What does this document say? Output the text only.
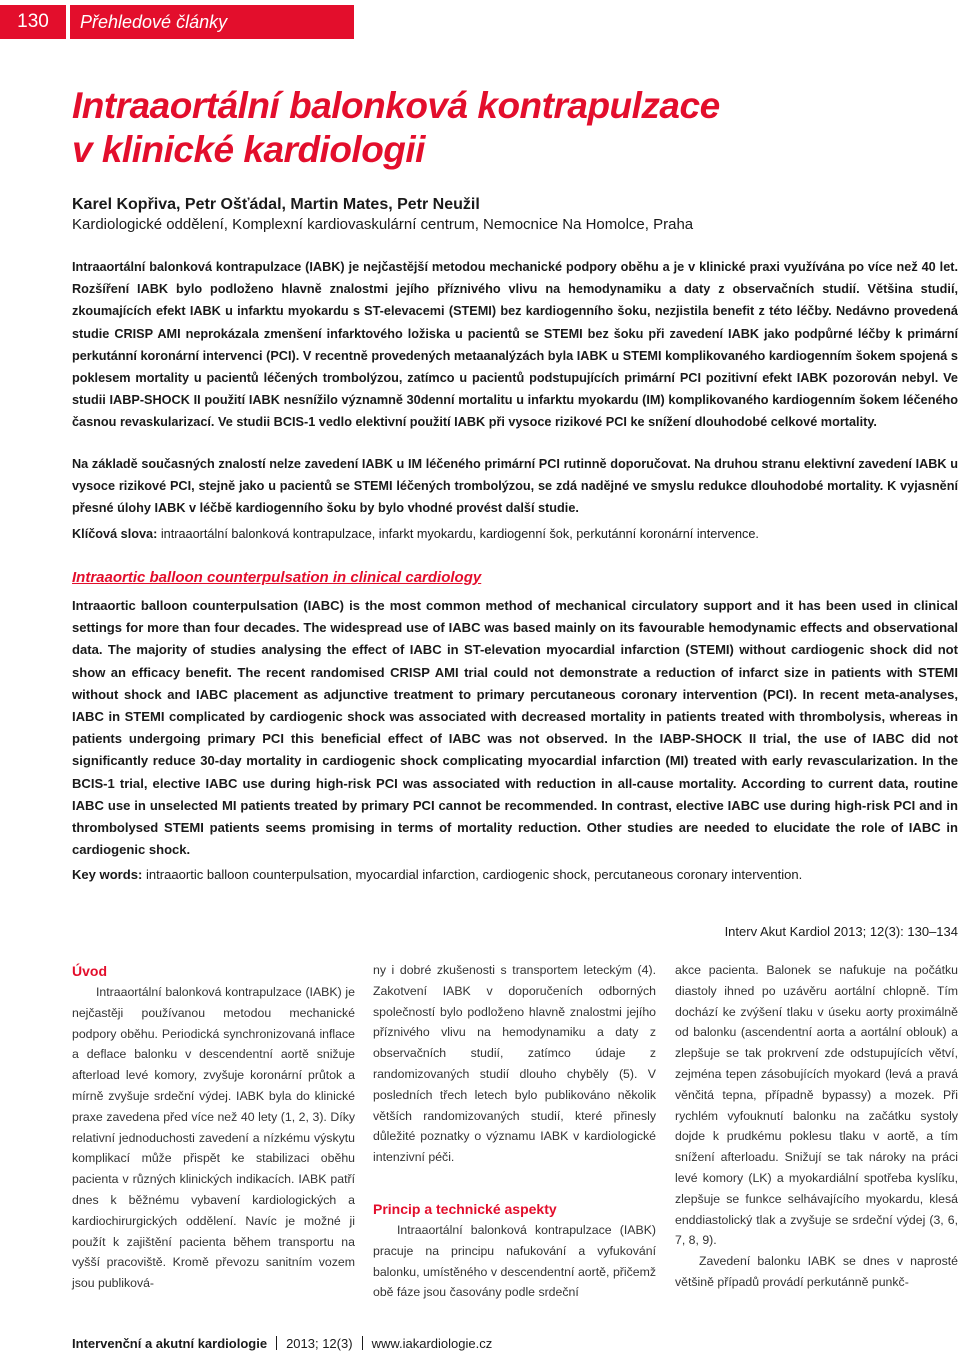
130	Přehledové články
Intraaortální balonková kontrapulzace
v klinické kardiologii

Karel Kopřiva, Petr Ošťádal, Martin Mates, Petr Neužil

Kardiologické oddělení, Komplexní kardiovaskulární centrum, Nemocnice Na Homolce, Praha

Intraaortální balonková kontrapulzace (IABK) je nejčastější metodou mechanické podpory oběhu a je v klinické praxi využívána po více než 40 let. Rozšíření IABK bylo podloženo hlavně znalostmi jejího příznivého vlivu na hemodynamiku a daty z observačních studií. Většina studií, zkoumajících efekt IABK u infarktu myokardu s ST-elevacemi (STEMI) bez kardiogenního šoku, nezjistila benefit z této léčby. Nedávno provedená studie CRISP AMI neprokázala zmenšení infarktového ložiska u pacientů se STEMI bez šoku při zavedení IABK jako podpůrné léčby k primární perkutánní koronární intervenci (PCI). V recentně provedených metaanalýzách byla IABK u STEMI komplikovaného kardiogenním šokem spojená s poklesem mortality u pacientů léčených trombolýzou, zatímco u pacientů podstupujících primární PCI pozitivní efekt IABK pozorován nebyl. Ve studii IABP-SHOCK II použití IABK nesnížilo významně 30denní mortalitu u infarktu myokardu (IM) komplikovaného kardiogenním šokem léčeného časnou revaskularizací. Ve studii BCIS-1 vedlo elektivní použití IABK při vysoce rizikové PCI ke snížení dlouhodobé celkové mortality.

Na základě současných znalostí nelze zavedení IABK u IM léčeného primární PCI rutinně doporučovat. Na druhou stranu elektivní zavedení IABK u vysoce rizikové PCI, stejně jako u pacientů se STEMI léčených trombolýzou, se zdá nadějné ve smyslu redukce dlouhodobé mortality. K vyjasnění přesné úlohy IABK v léčbě kardiogenního šoku by bylo vhodné provést další studie.

Klíčová slova: intraaortální balonková kontrapulzace, infarkt myokardu, kardiogenní šok, perkutánní koronární intervence.

Intraaortic balloon counterpulsation in clinical cardiology

Intraaortic balloon counterpulsation (IABC) is the most common method of mechanical circulatory support and it has been used in clinical settings for more than four decades. The widespread use of IABC was based mainly on its favourable hemodynamic effects and observational data. The majority of studies analysing the effect of IABC in ST-elevation myocardial infarction (STEMI) without cardiogenic shock did not show an efficacy benefit. The recent randomised CRISP AMI trial could not demonstrate a reduction of infarct size in patients with STEMI without shock and IABC placement as adjunctive treatment to primary percutaneous coronary intervention (PCI). In recent meta-analyses, IABC in STEMI complicated by cardiogenic shock was associated with decreased mortality in patients treated with thrombolysis, whereas in patients undergoing primary PCI this beneficial effect of IABC was not observed. In the IABP-SHOCK II trial, the use of IABC did not significantly reduce 30-day mortality in cardiogenic shock complicating myocardial infarction (MI) treated with early revascularization. In the BCIS-1 trial, elective IABC use during high-risk PCI was associated with reduction in all-cause mortality. According to current data, routine IABC use in unselected MI patients treated by primary PCI cannot be recommended. In contrast, elective IABC use during high-risk PCI and in thrombolysed STEMI patients seems promising in terms of mortality reduction. Other studies are needed to elucidate the role of IABC in cardiogenic shock.

Key words: intraaortic balloon counterpulsation, myocardial infarction, cardiogenic shock, percutaneous coronary intervention.

Interv Akut Kardiol 2013; 12(3): 130–134

Úvod

Intraaortální balonková kontrapulzace (IABK) je nejčastěji používanou metodou mechanické podpory oběhu. Periodická synchronizovaná inflace a deflace balonku v descendentní aortě snižuje afterload levé komory, zvyšuje koronární průtok a mírně zvyšuje srdeční výdej. IABK byla do klinické praxe zavedena před více než 40 lety (1, 2, 3). Díky relativní jednoduchosti zavedení a nízkému výskytu komplikací může přispět ke stabilizaci oběhu pacienta v různých klinických indikacích. IABK patří dnes k běžnému vybavení kardiologických a kardiochirurgických oddělení. Navíc je možné ji použít k zajištění pacienta během transportu na vyšší pracoviště. Kromě převozu sanitním vozem jsou publiková-

ny i dobré zkušenosti s transportem leteckým (4). Zakotvení IABK v doporučeních odborných společností bylo podloženo hlavně znalostmi jejího příznivého vlivu na hemodynamiku a daty z observačních studií, zatímco údaje z randomizovaných studií dlouho chyběly (5). V posledních třech letech bylo publikováno několik větších randomizovaných studií, které přinesly důležité poznatky o významu IABK v kardiologické intenzivní péči.

Princip a technické aspekty

Intraaortální balonková kontrapulzace (IABK) pracuje na principu nafukování a vyfukování balonku, umístěného v descendentní aortě, přičemž obě fáze jsou časovány podle srdeční

akce pacienta. Balonek se nafukuje na počátku diastoly ihned po uzávěru aortální chlopně. Tím dochází ke zvýšení tlaku v úseku aorty proximálně od balonku (ascendentní aorta a aortální oblouk) a zlepšuje se tak prokrvení zde odstupujících větví, zejména tepen zásobujících myokard (levá a pravá věnčitá tepna, případně bypassy) a mozek. Při rychlém vyfouknutí balonku na začátku systoly dojde k prudkému poklesu tlaku v aortě, a tím snížení afterloadu. Snižují se tak nároky na práci levé komory (LK) a myokardiální spotřeba kyslíku, zlepšuje se funkce selhávajícího myokardu, klesá enddiastolický tlak a zvyšuje se srdeční výdej (3, 6, 7, 8, 9).

Zavedení balonku IABK se dnes v naprosté většině případů provádí perkutánně punkč-

Intervenční a akutní kardiologie 2013; 12(3) www.iakardiologie.cz
